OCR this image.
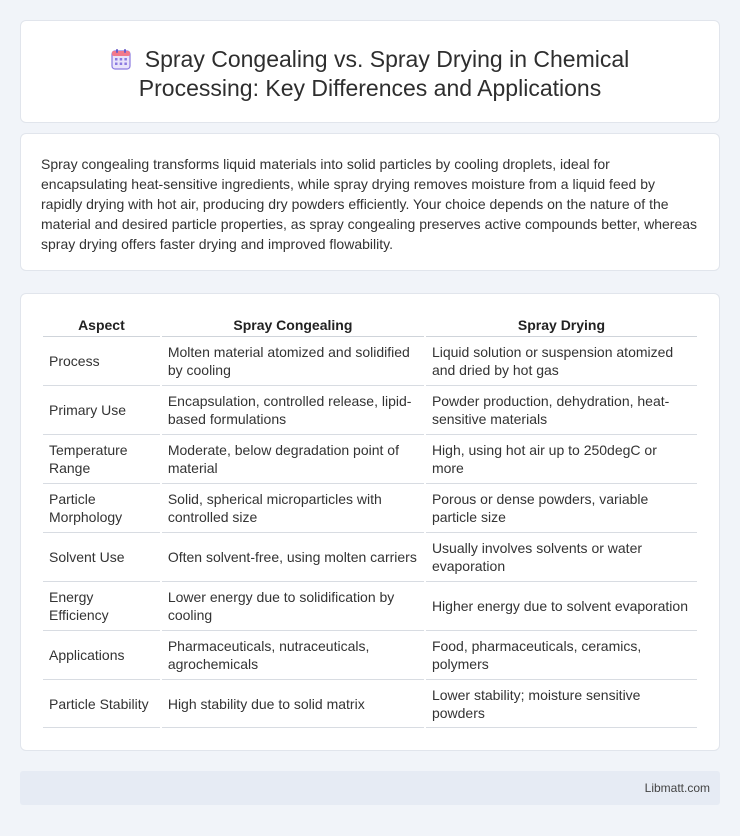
Spray Congealing vs. Spray Drying in Chemical
Processing: Key Differences and Applications

Spray congealing transforms liquid materials into solid particles by cooling droplets, ideal for encapsulating heat-sensitive ingredients, while spray drying removes moisture from a liquid feed by rapidly drying with hot air, producing dry powders efficiently. Your choice depends on the nature of the material and desired particle properties, as spray congealing preserves active compounds better, whereas spray drying offers faster drying and improved flowability.

Aspect	Spray Congealing	Spray Drying
Process	Molten material atomized and solidified by cooling	Liquid solution or suspension atomized and dried by hot gas
Primary Use	Encapsulation, controlled release, lipid-based formulations	Powder production, dehydration, heat-sensitive materials
Temperature Range	Moderate, below degradation point of material	High, using hot air up to 250degC or more
Particle Morphology	Solid, spherical microparticles with controlled size	Porous or dense powders, variable particle size
Solvent Use	Often solvent-free, using molten carriers	Usually involves solvents or water evaporation
Energy Efficiency	Lower energy due to solidification by cooling	Higher energy due to solvent evaporation
Applications	Pharmaceuticals, nutraceuticals, agrochemicals	Food, pharmaceuticals, ceramics, polymers
Particle Stability	High stability due to solid matrix	Lower stability; moisture sensitive powders
Libmatt.com
